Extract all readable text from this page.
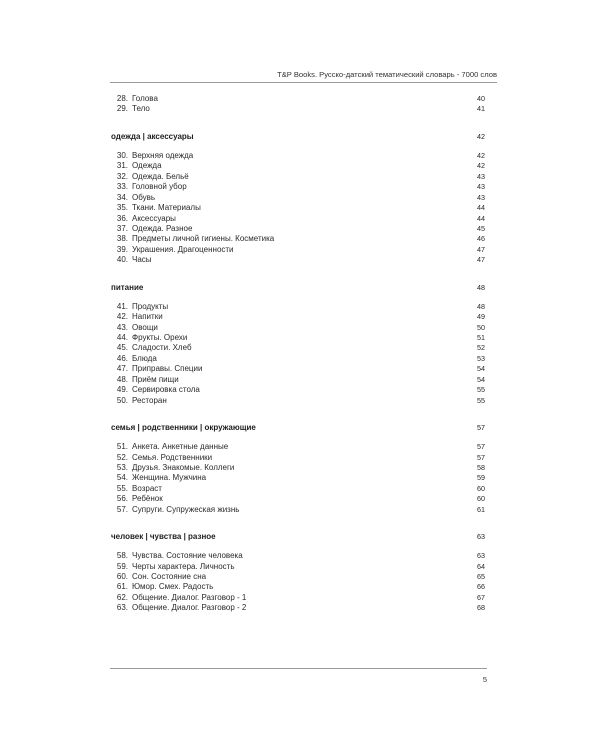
T&P Books. Русско-датский тематический словарь - 7000 слов
28. Голова	40
29. Тело	41
одежда | аксессуары	42
30. Верхняя одежда	42
31. Одежда	42
32. Одежда. Бельё	43
33. Головной убор	43
34. Обувь	43
35. Ткани. Материалы	44
36. Аксессуары	44
37. Одежда. Разное	45
38. Предметы личной гигиены. Косметика	46
39. Украшения. Драгоценности	47
40. Часы	47
питание	48
41. Продукты	48
42. Напитки	49
43. Овощи	50
44. Фрукты. Орехи	51
45. Сладости. Хлеб	52
46. Блюда	53
47. Приправы. Специи	54
48. Приём пищи	54
49. Сервировка стола	55
50. Ресторан	55
семья | родственники | окружающие	57
51. Анкета. Анкетные данные	57
52. Семья. Родственники	57
53. Друзья. Знакомые. Коллеги	58
54. Женщина. Мужчина	59
55. Возраст	60
56. Ребёнок	60
57. Супруги. Супружеская жизнь	61
человек | чувства | разное	63
58. Чувства. Состояние человека	63
59. Черты характера. Личность	64
60. Сон. Состояние сна	65
61. Юмор. Смех. Радость	66
62. Общение. Диалог. Разговор - 1	67
63. Общение. Диалог. Разговор - 2	68
5
